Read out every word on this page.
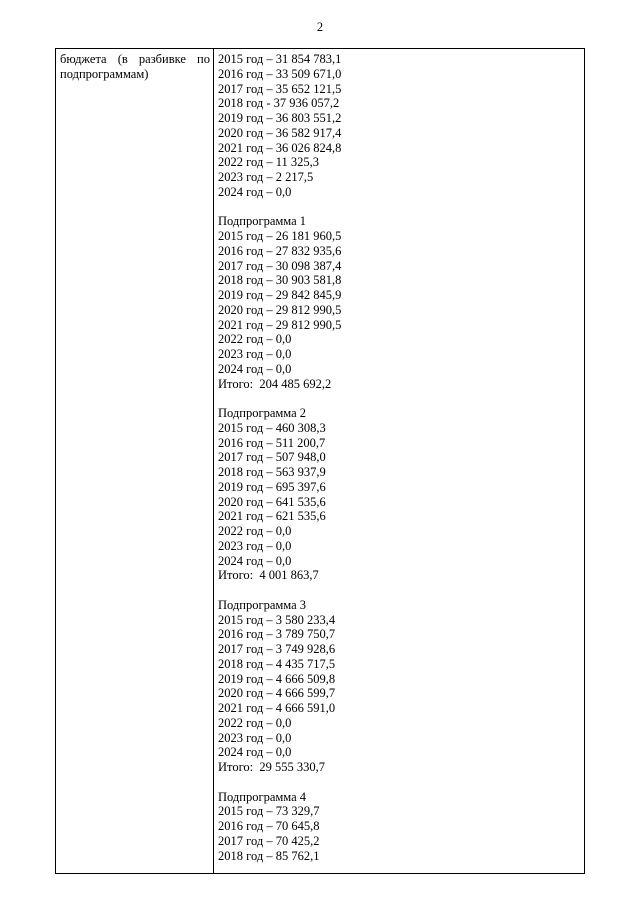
2
бюджета (в разбивке по
подпрограммам)
2015 год – 31 854 783,1
2016 год – 33 509 671,0
2017 год – 35 652 121,5
2018 год - 37 936 057,2
2019 год – 36 803 551,2
2020 год – 36 582 917,4
2021 год – 36 026 824,8
2022 год – 11 325,3
2023 год – 2 217,5
2024 год – 0,0
Подпрограмма 1
2015 год – 26 181 960,5
2016 год – 27 832 935,6
2017 год – 30 098 387,4
2018 год – 30 903 581,8
2019 год – 29 842 845,9
2020 год – 29 812 990,5
2021 год – 29 812 990,5
2022 год – 0,0
2023 год – 0,0
2024 год – 0,0
Итого:  204 485 692,2
Подпрограмма 2
2015 год – 460 308,3
2016 год – 511 200,7
2017 год – 507 948,0
2018 год – 563 937,9
2019 год – 695 397,6
2020 год – 641 535,6
2021 год – 621 535,6
2022 год – 0,0
2023 год – 0,0
2024 год – 0,0
Итого:  4 001 863,7
Подпрограмма 3
2015 год – 3 580 233,4
2016 год – 3 789 750,7
2017 год – 3 749 928,6
2018 год – 4 435 717,5
2019 год – 4 666 509,8
2020 год – 4 666 599,7
2021 год – 4 666 591,0
2022 год – 0,0
2023 год – 0,0
2024 год – 0,0
Итого:  29 555 330,7
Подпрограмма 4
2015 год – 73 329,7
2016 год – 70 645,8
2017 год – 70 425,2
2018 год – 85 762,1
